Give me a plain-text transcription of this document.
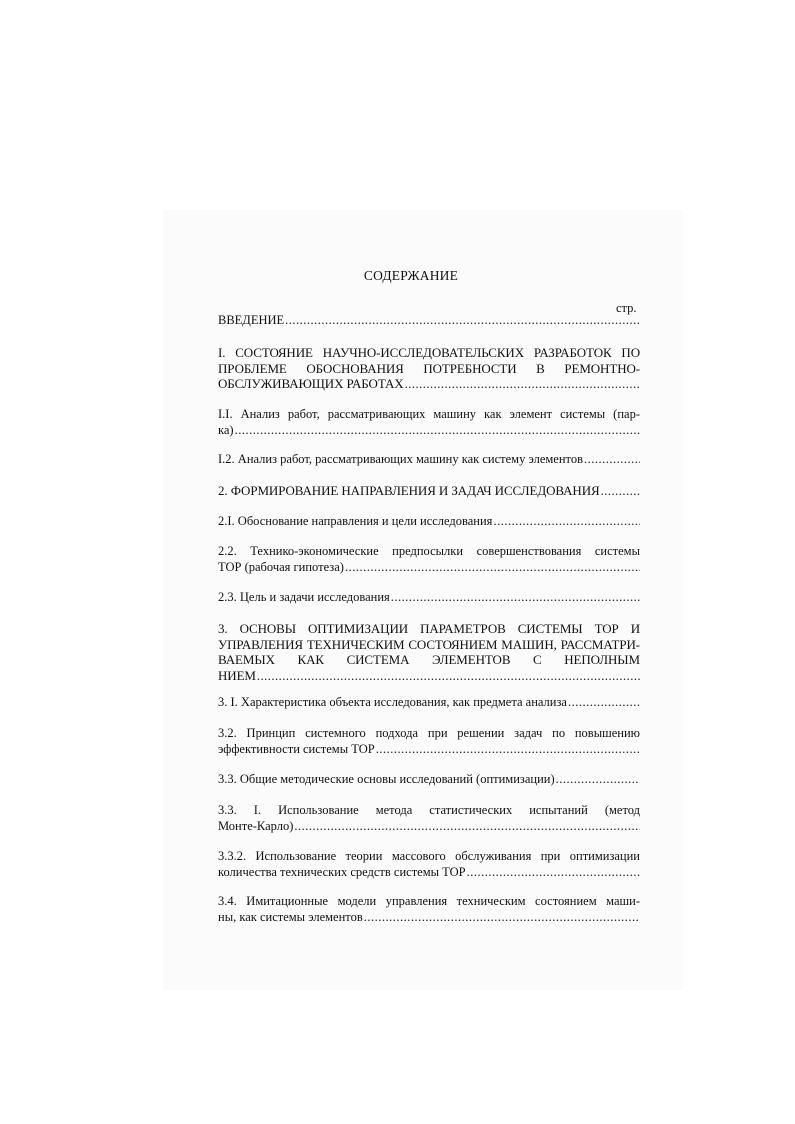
СОДЕРЖАНИЕ
стр.
ВВЕДЕНИЕ.....
I. СОСТОЯНИЕ НАУЧНО-ИССЛЕДОВАТЕЛЬСКИХ РАЗРАБОТОК ПО
ПРОБЛЕМЕ ОБОСНОВАНИЯ ПОТРЕБНОСТИ В РЕМОНТНО-
ОБСЛУЖИВАЮЩИХ РАБОТАХ.....
I.I. Анализ работ, рассматривающих машину как элемент системы (пар-
ка).....
I.2. Анализ работ, рассматривающих машину как систему элементов.....
2. ФОРМИРОВАНИЕ НАПРАВЛЕНИЯ И ЗАДАЧ ИССЛЕДОВАНИЯ.....
2.I. Обоснование направления и цели исследования.....
2.2. Технико-экономические предпосылки совершенствования системы
ТОР (рабочая гипотеза).....
2.3. Цель и задачи исследования.....
3. ОСНОВЫ ОПТИМИЗАЦИИ ПАРАМЕТРОВ СИСТЕМЫ ТОР И
УПРАВЛЕНИЯ ТЕХНИЧЕСКИМ СОСТОЯНИЕМ МАШИН, РАССМАТРИ-
ВАЕМЫХ КАК СИСТЕМА ЭЛЕМЕНТОВ С НЕПОЛНЫМ
НИЕМ.....
3. I. Характеристика объекта исследования, как предмета анализа.....
3.2. Принцип системного подхода при решении задач по повышению
эффективности системы ТОР.....
3.3. Общие методические основы исследований (оптимизации).....
3.3. I. Использование метода статистических испытаний (метод
Монте-Карло).....
3.3.2. Использование теории массового обслуживания при оптимизации
количества технических средств системы ТОР.....
3.4. Имитационные модели управления техническим состоянием маши-
ны, как системы элементов.....
